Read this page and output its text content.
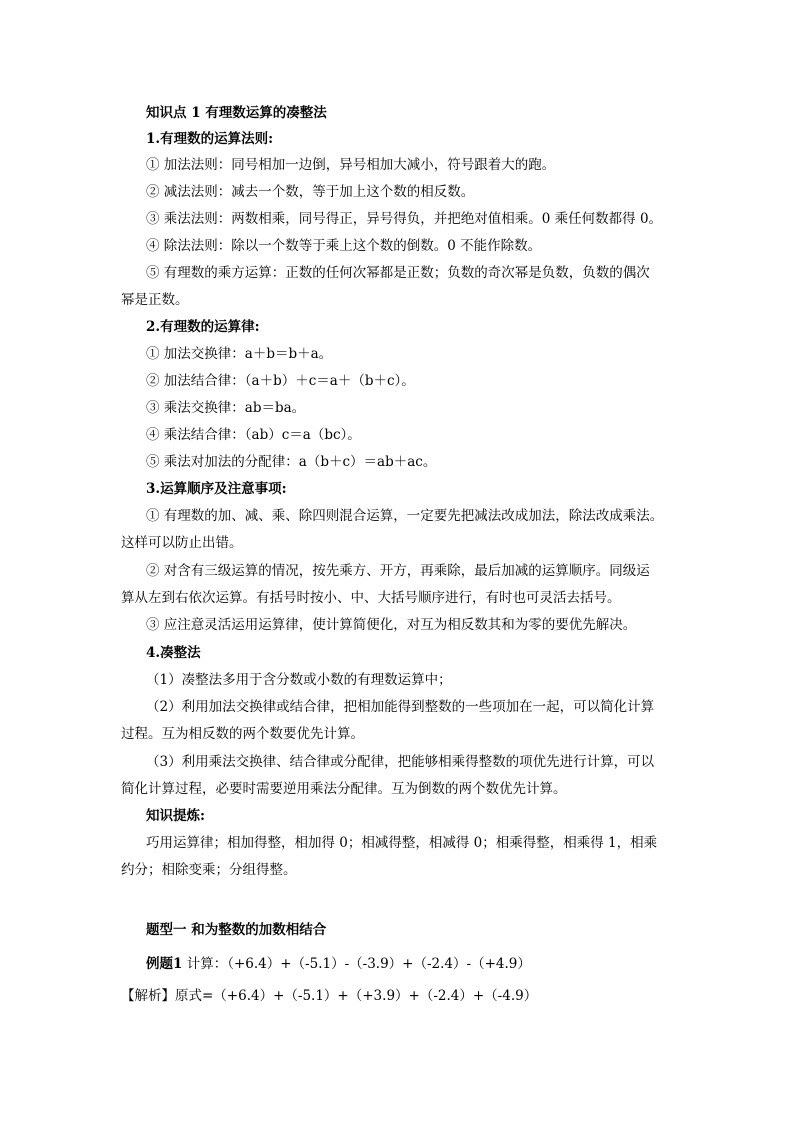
知识点 1 有理数运算的凑整法
1.有理数的运算法则:
① 加法法则：同号相加一边倒，异号相加大减小，符号跟着大的跑。
② 减法法则：减去一个数，等于加上这个数的相反数。
③ 乘法法则：两数相乘，同号得正，异号得负，并把绝对值相乘。0 乘任何数都得 0。
④ 除法法则：除以一个数等于乘上这个数的倒数。0 不能作除数。
⑤ 有理数的乘方运算：正数的任何次幂都是正数；负数的奇次幂是负数，负数的偶次
幂是正数。
2.有理数的运算律:
① 加法交换律：a＋b＝b＋a。
② 加法结合律：（a＋b）＋c＝a＋（b＋c）。
③ 乘法交换律：ab＝ba。
④ 乘法结合律：（ab）c＝a（bc）。
⑤ 乘法对加法的分配律：a（b＋c）＝ab＋ac。
3.运算顺序及注意事项:
① 有理数的加、减、乘、除四则混合运算，一定要先把减法改成加法，除法改成乘法。
这样可以防止出错。
② 对含有三级运算的情况，按先乘方、开方，再乘除，最后加减的运算顺序。同级运
算从左到右依次运算。有括号时按小、中、大括号顺序进行，有时也可灵活去括号。
③ 应注意灵活运用运算律，使计算简便化，对互为相反数其和为零的要优先解决。
4.凑整法
（1）凑整法多用于含分数或小数的有理数运算中；
（2）利用加法交换律或结合律，把相加能得到整数的一些项加在一起，可以简化计算
过程。互为相反数的两个数要优先计算。
（3）利用乘法交换律、结合律或分配律，把能够相乘得整数的项优先进行计算，可以
简化计算过程，必要时需要逆用乘法分配律。互为倒数的两个数优先计算。
知识提炼:
巧用运算律；相加得整，相加得 0；相减得整，相减得 0；相乘得整，相乘得 1，相乘
约分；相除变乘；分组得整。
题型一 和为整数的加数相结合
例题1 计算：（+6.4）+（-5.1）-（-3.9）+（-2.4）-（+4.9）
【解析】原式=（+6.4）+（-5.1）+（+3.9）+（-2.4）+（-4.9）
